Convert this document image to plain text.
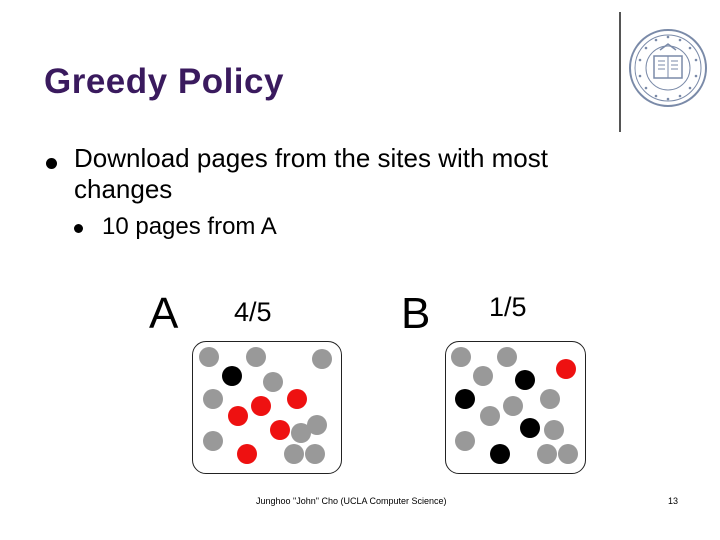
Greedy Policy
Download pages from the sites with most changes
10 pages from A
A 4/5	B 1/5
Junghoo "John" Cho (UCLA Computer Science)	13
